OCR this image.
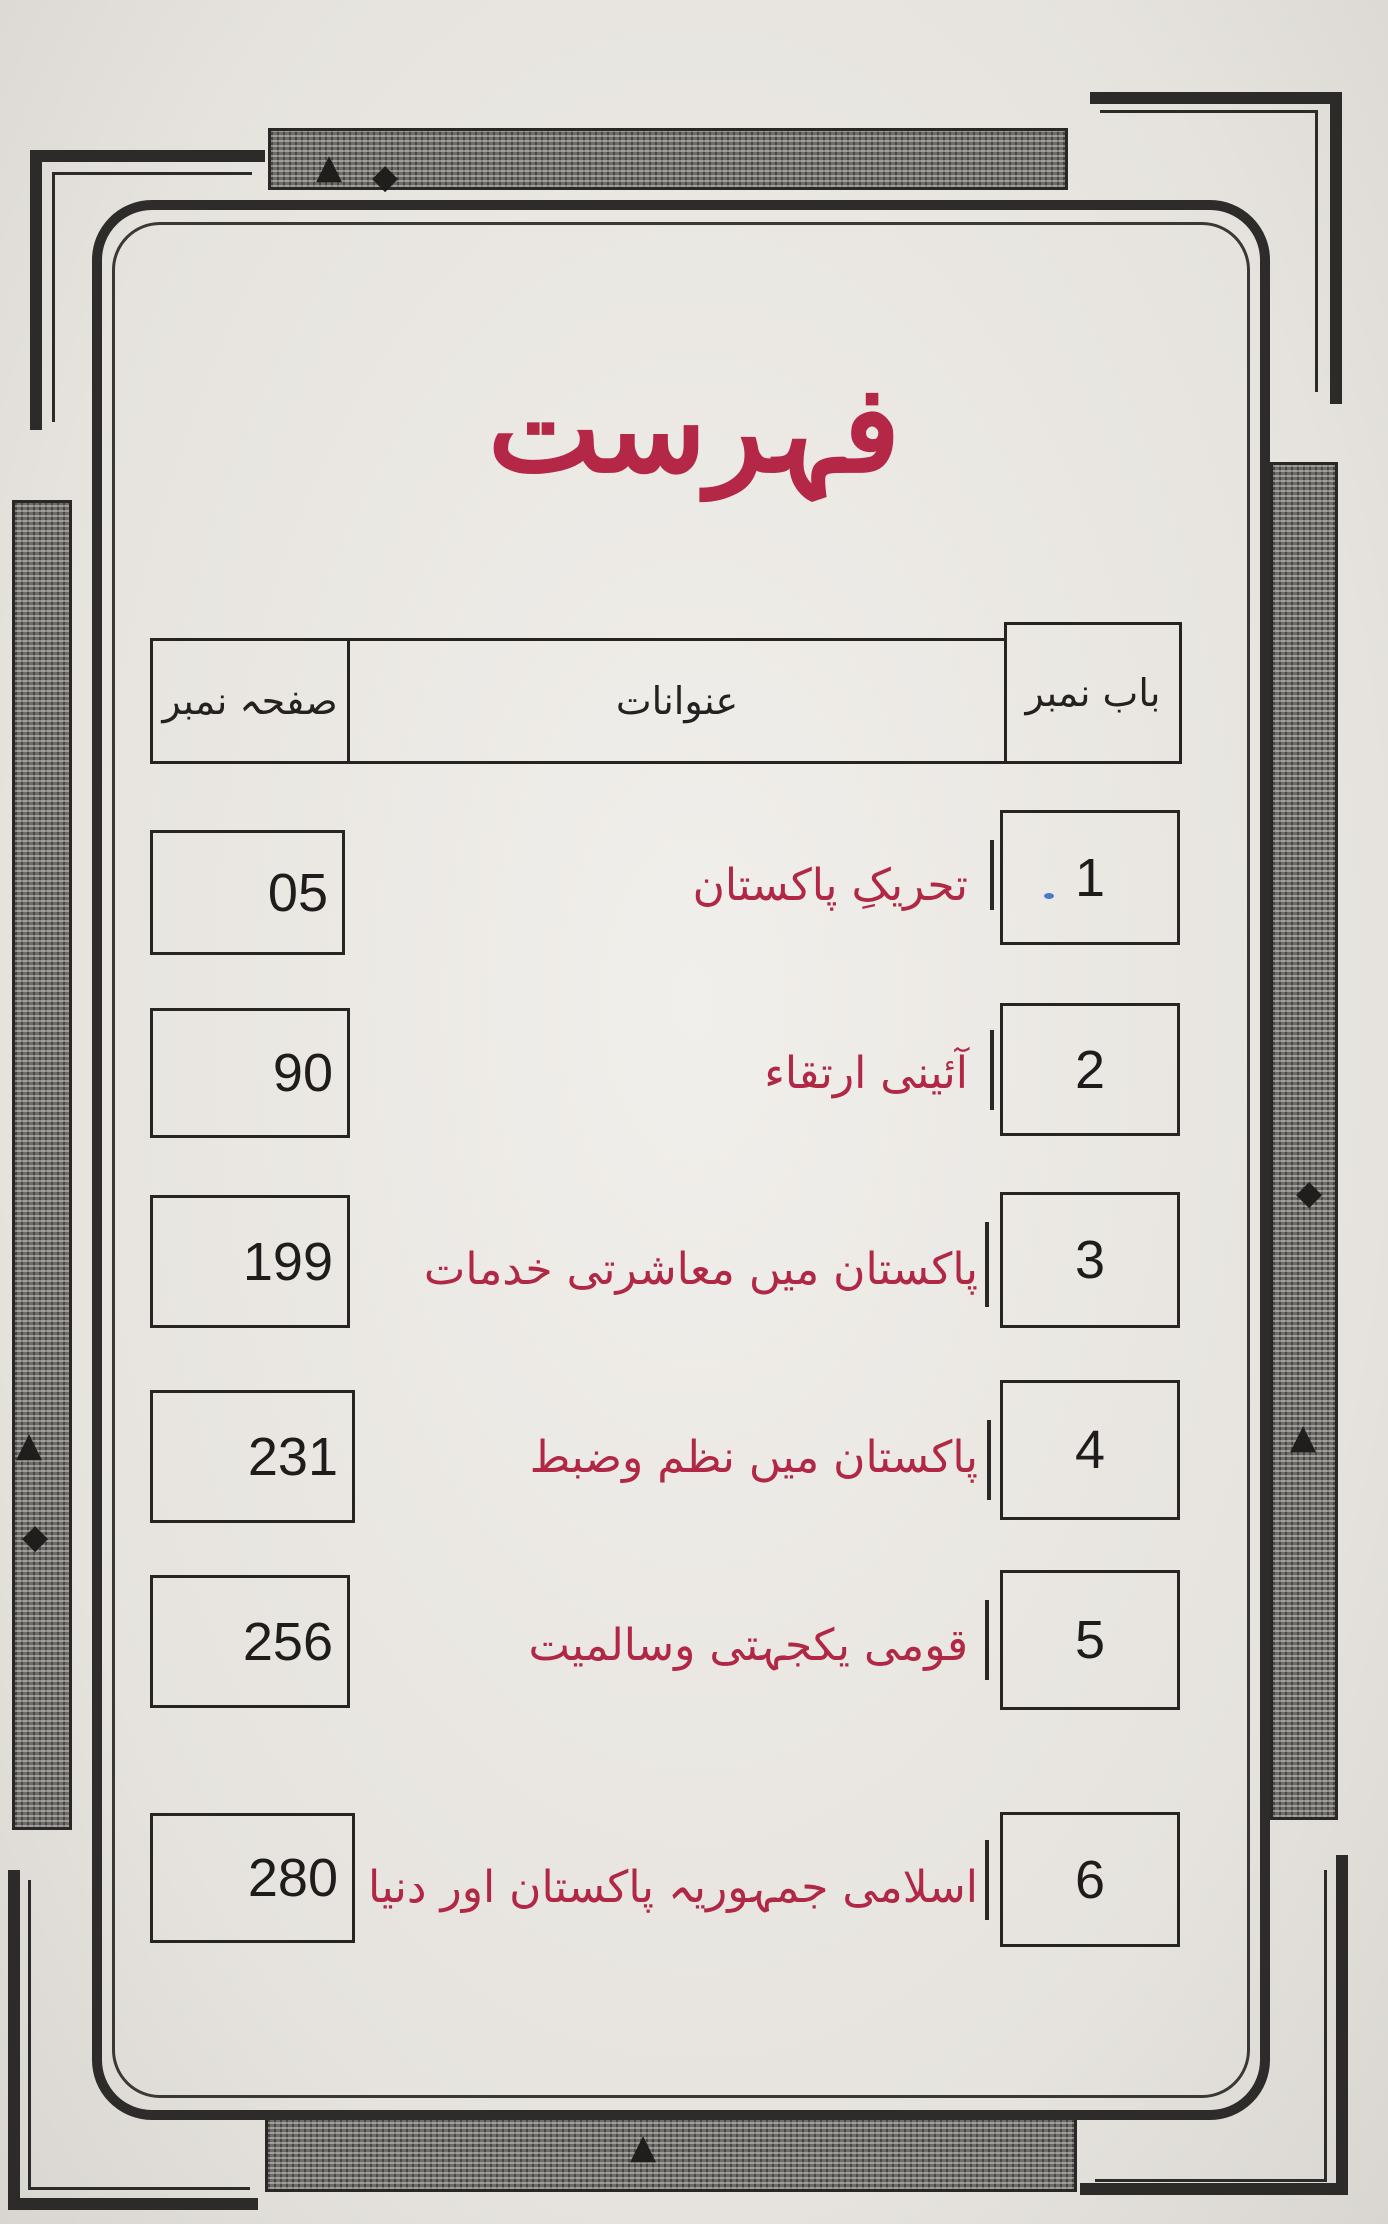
◆
▲
▲	▲
▲
◆
◆
فہرست
صفحہ نمبر	عنوانات	باب نمبر
05	تحریکِ پاکستان 1
90	آئینی ارتقاء 2
199 پاکستان میں معاشرتی خدمات 3
231	پاکستان میں نظم وضبط 4
256	قومی یکجہتی وسالمیت 5
280 اسلامی جمہوریہ پاکستان اور دنیا 6
